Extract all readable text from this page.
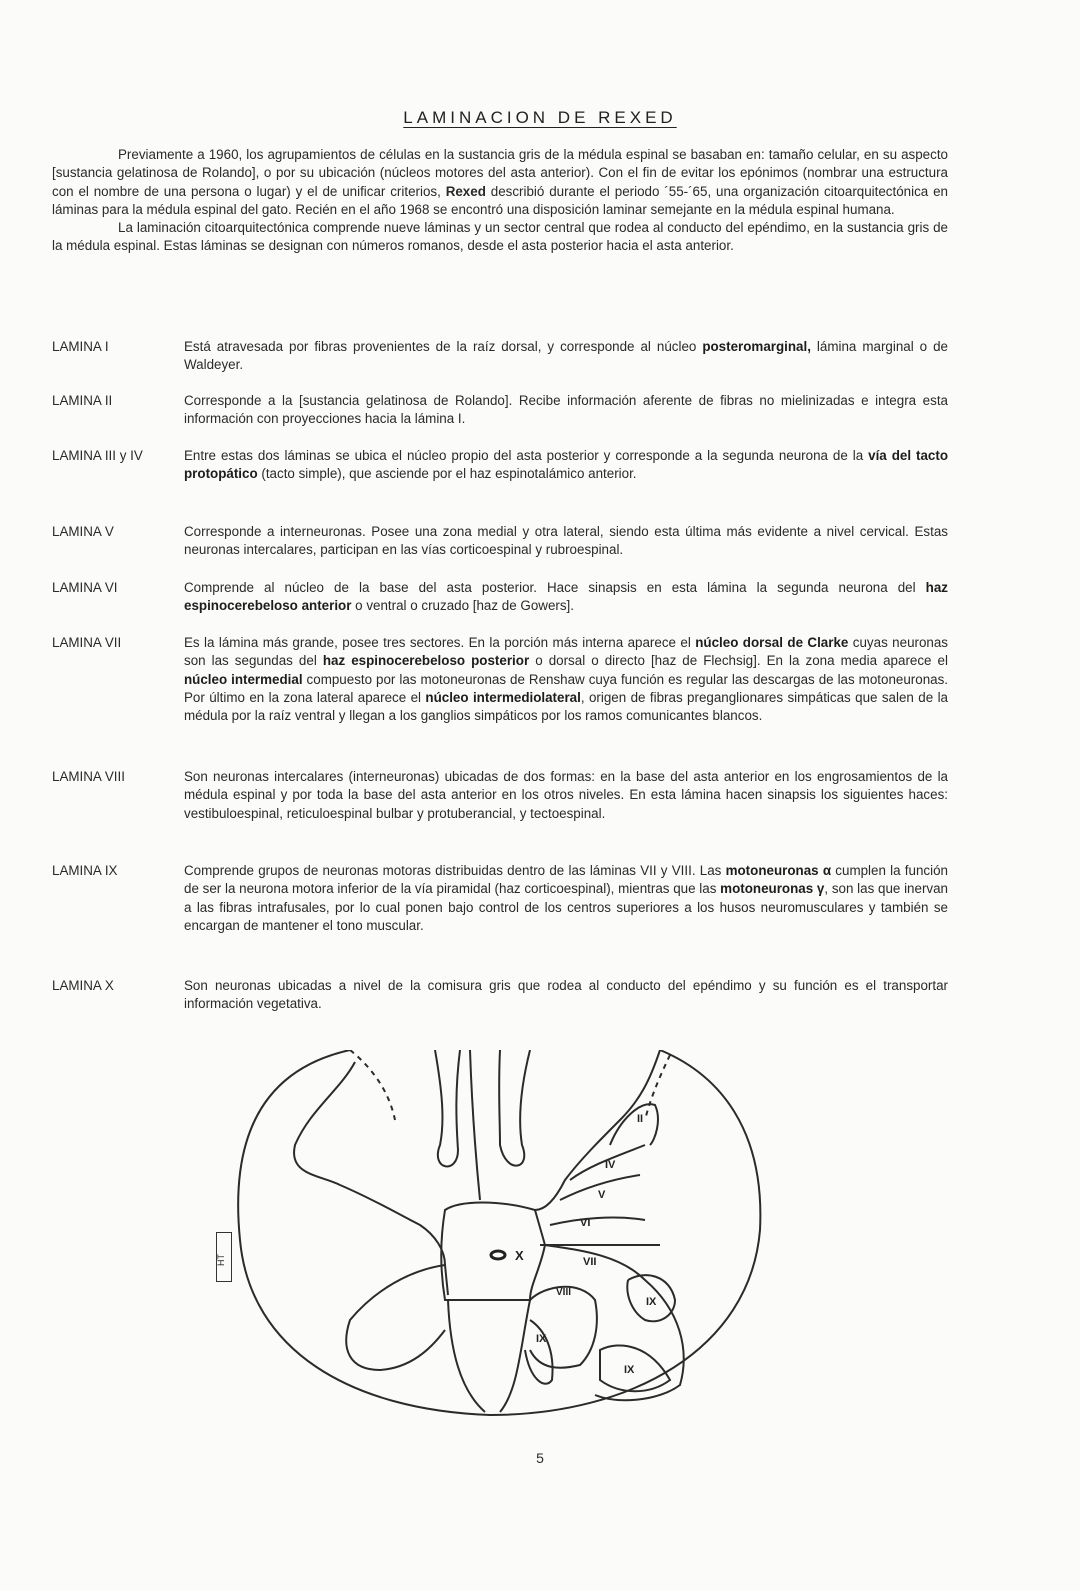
LAMINACION DE REXED

Previamente a 1960, los agrupamientos de células en la sustancia gris de la médula espinal se basaban en: tamaño celular, en su aspecto [sustancia gelatinosa de Rolando], o por su ubicación (núcleos motores del asta anterior). Con el fin de evitar los epónimos (nombrar una estructura con el nombre de una persona o lugar) y el de unificar criterios, Rexed describió durante el periodo ´55-´65, una organización citoarquitectónica en láminas para la médula espinal del gato. Recién en el año 1968 se encontró una disposición laminar semejante en la médula espinal humana.

La laminación citoarquitectónica comprende nueve láminas y un sector central que rodea al conducto del epéndimo, en la sustancia gris de la médula espinal. Estas láminas se designan con números romanos, desde el asta posterior hacia el asta anterior.

LAMINA I	Está atravesada por fibras provenientes de la raíz dorsal, y corresponde al núcleo posteromarginal, lámina marginal o de Waldeyer.
LAMINA II	Corresponde a la [sustancia gelatinosa de Rolando]. Recibe información aferente de fibras no mielinizadas e integra esta información con proyecciones hacia la lámina I.
LAMINA III y IV	Entre estas dos láminas se ubica el núcleo propio del asta posterior y corresponde a la segunda neurona de la vía del tacto protopático (tacto simple), que asciende por el haz espinotalámico anterior.
LAMINA V	Corresponde a interneuronas. Posee una zona medial y otra lateral, siendo esta última más evidente a nivel cervical. Estas neuronas intercalares, participan en las vías corticoespinal y rubroespinal.
LAMINA VI	Comprende al núcleo de la base del asta posterior. Hace sinapsis en esta lámina la segunda neurona del haz espinocerebeloso anterior o ventral o cruzado [haz de Gowers].
LAMINA VII	Es la lámina más grande, posee tres sectores. En la porción más interna aparece el núcleo dorsal de Clarke cuyas neuronas son las segundas del haz espinocerebeloso posterior o dorsal o directo [haz de Flechsig]. En la zona media aparece el núcleo intermedial compuesto por las motoneuronas de Renshaw cuya función es regular las descargas de las motoneuronas. Por último en la zona lateral aparece el núcleo intermediolateral, origen de fibras preganglionares simpáticas que salen de la médula por la raíz ventral y llegan a los ganglios simpáticos por los ramos comunicantes blancos.
LAMINA VIII	Son neuronas intercalares (interneuronas) ubicadas de dos formas: en la base del asta anterior en los engrosamientos de la médula espinal y por toda la base del asta anterior en los otros niveles. En esta lámina hacen sinapsis los siguientes haces: vestibuloespinal, reticuloespinal bulbar y protuberancial, y tectoespinal.
LAMINA IX	Comprende grupos de neuronas motoras distribuidas dentro de las láminas VII y VIII. Las motoneuronas α cumplen la función de ser la neurona motora inferior de la vía piramidal (haz corticoespinal), mientras que las motoneuronas γ, son las que inervan a las fibras intrafusales, por lo cual ponen bajo control de los centros superiores a los husos neuromusculares y también se encargan de mantener el tono muscular.
LAMINA X	Son neuronas ubicadas a nivel de la comisura gris que rodea al conducto del epéndimo y su función es el transportar información vegetativa.
HT
II
IV
V
VI
VII
X
VIII
IX
IX
IX
5
